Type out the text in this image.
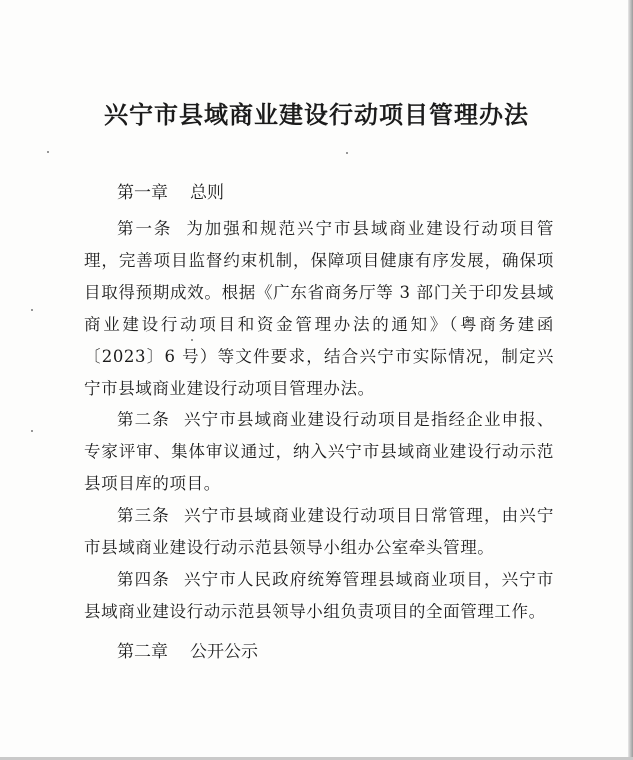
兴宁市县域商业建设行动项目管理办法

第一章 总则

第一条 为加强和规范兴宁市县域商业建设行动项目管理，完善项目监督约束机制，保障项目健康有序发展，确保项目取得预期成效。根据《广东省商务厅等 3 部门关于印发县域商业建设行动项目和资金管理办法的通知》（粤商务建函〔2023〕6 号）等文件要求，结合兴宁市实际情况，制定兴宁市县域商业建设行动项目管理办法。

第二条 兴宁市县域商业建设行动项目是指经企业申报、专家评审、集体审议通过，纳入兴宁市县域商业建设行动示范县项目库的项目。

第三条 兴宁市县域商业建设行动项目日常管理，由兴宁市县域商业建设行动示范县领导小组办公室牵头管理。

第四条 兴宁市人民政府统筹管理县域商业项目，兴宁市县域商业建设行动示范县领导小组负责项目的全面管理工作。

第二章 公开公示
